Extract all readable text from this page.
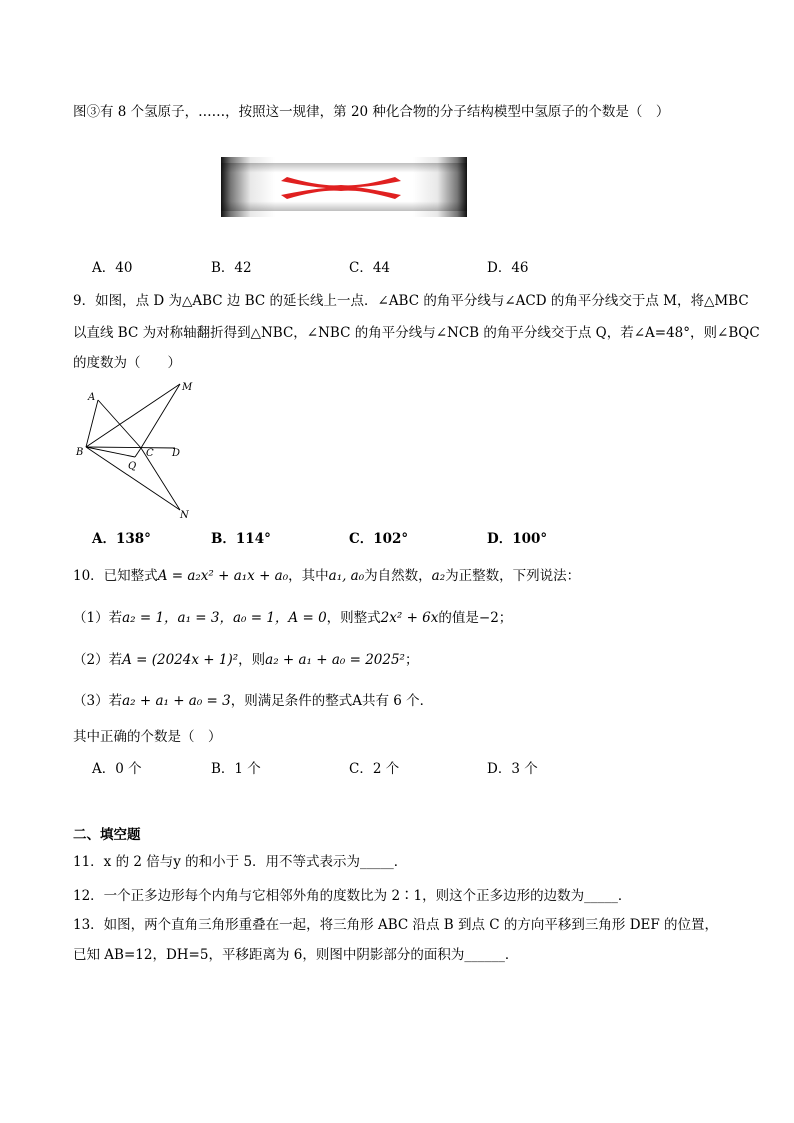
图③有 8 个氢原子，……，按照这一规律，第 20 种化合物的分子结构模型中氢原子的个数是（　）
A．40	B．42	C．44	D．46
9．如图，点 D 为△ABC 边 BC 的延长线上一点．∠ABC 的角平分线与∠ACD 的角平分线交于点 M，将△MBC
以直线 BC 为对称轴翻折得到△NBC，∠NBC 的角平分线与∠NCB 的角平分线交于点 Q，若∠A=48°，则∠BQC
的度数为（　　）
A
B	C D
M
N
Q
A．138°	B．114°	C．102°	D．100°
10．已知整式A = a₂x² + a₁x + a₀，其中a₁, a₀为自然数，a₂为正整数，下列说法：
（1）若a₂ = 1，a₁ = 3，a₀ = 1，A = 0，则整式2x² + 6x的值是−2；
（2）若A = (2024x + 1)²，则a₂ + a₁ + a₀ = 2025²；
（3）若a₂ + a₁ + a₀ = 3，则满足条件的整式A共有 6 个．
其中正确的个数是（　）
A．0 个	B．1 个	C．2 个	D．3 个
二、填空题
11．x 的 2 倍与y 的和小于 5．用不等式表示为_____．
12．一个正多边形每个内角与它相邻外角的度数比为 2∶1，则这个正多边形的边数为_____．
13．如图，两个直角三角形重叠在一起，将三角形 ABC 沿点 B 到点 C 的方向平移到三角形 DEF 的位置，
已知 AB=12，DH=5，平移距离为 6，则图中阴影部分的面积为______．
